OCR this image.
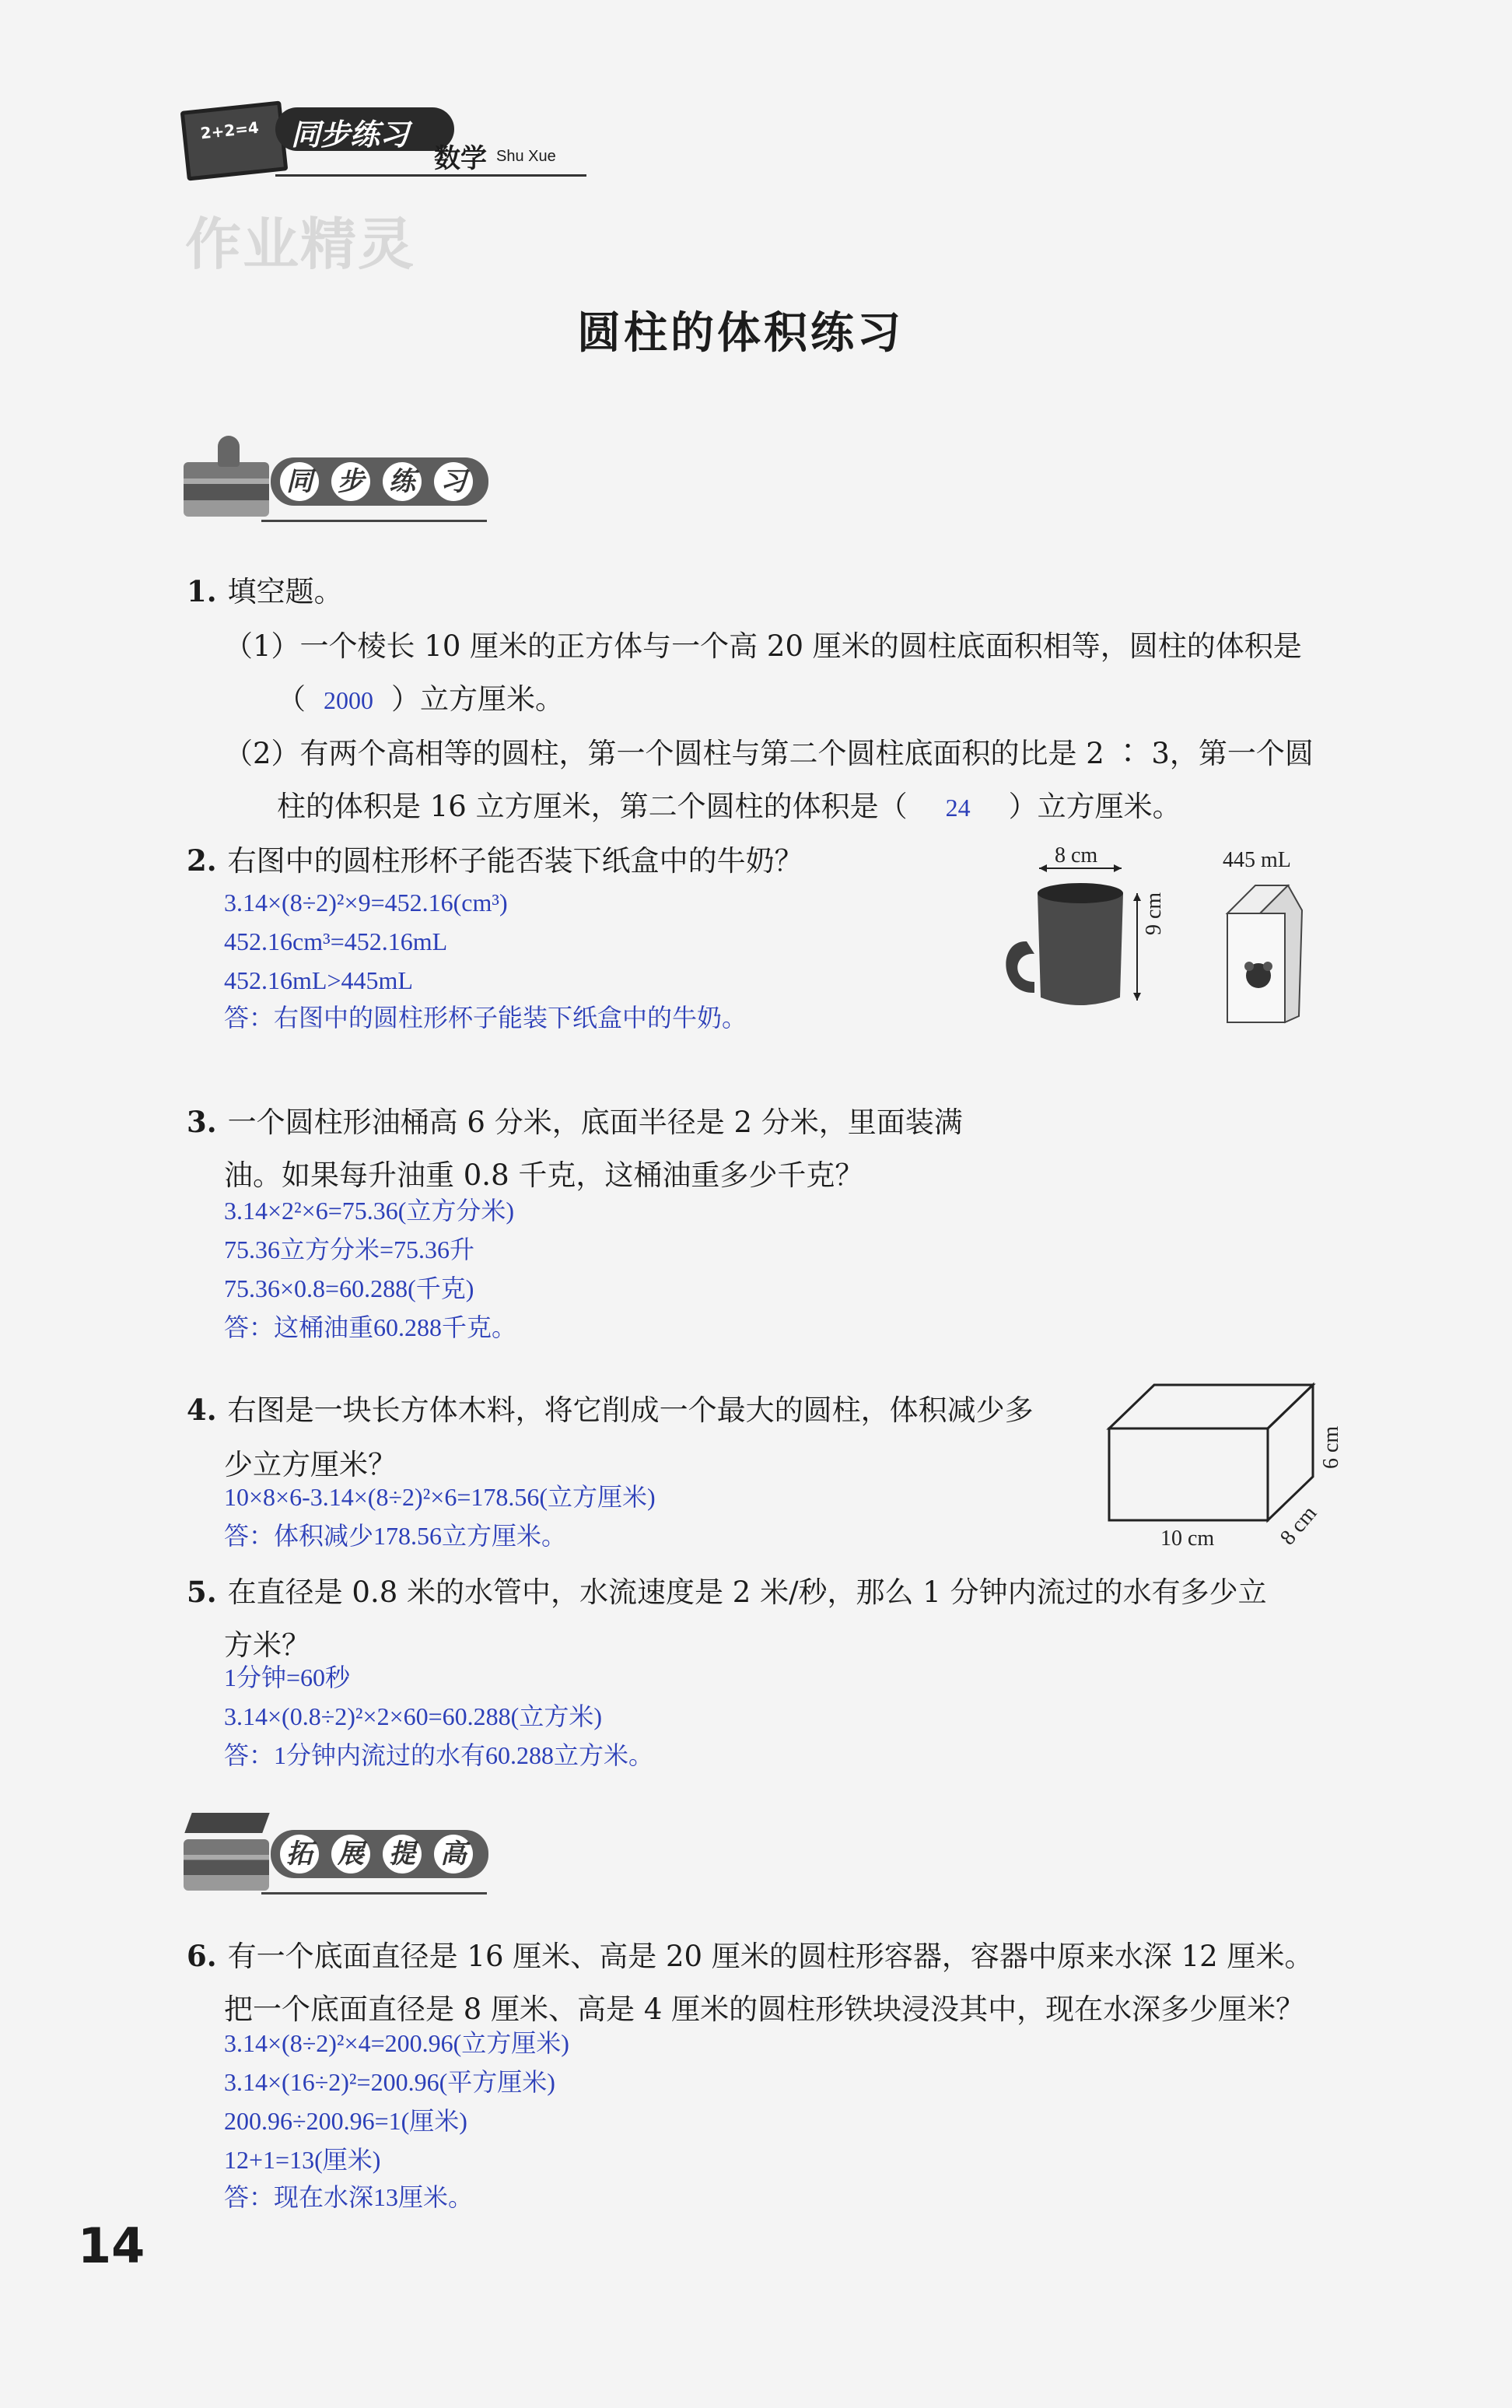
2+2=4 同步练习
数学 Shu Xue
作业精灵
圆柱的体积练习
同 步 练 习
1. 填空题。
（1）一个棱长 10 厘米的正方体与一个高 20 厘米的圆柱底面积相等，圆柱的体积是
（ 2000 ）立方厘米。
（2）有两个高相等的圆柱，第一个圆柱与第二个圆柱底面积的比是 2 ∶ 3，第一个圆
柱的体积是 16 立方厘米，第二个圆柱的体积是（ 24 ）立方厘米。
2. 右图中的圆柱形杯子能否装下纸盒中的牛奶？
3.14×(8÷2)²×9=452.16(cm³)
452.16cm³=452.16mL
452.16mL>445mL
答：右图中的圆柱形杯子能装下纸盒中的牛奶。
8 cm
9 cm
445 mL
3. 一个圆柱形油桶高 6 分米，底面半径是 2 分米，里面装满
油。如果每升油重 0.8 千克，这桶油重多少千克？
3.14×2²×6=75.36(立方分米)
75.36立方分米=75.36升
75.36×0.8=60.288(千克)
答：这桶油重60.288千克。
4. 右图是一块长方体木料，将它削成一个最大的圆柱，体积减少多
少立方厘米？
10×8×6-3.14×(8÷2)²×6=178.56(立方厘米)
答：体积减少178.56立方厘米。	10 cm	8 cm
6 cm
5. 在直径是 0.8 米的水管中，水流速度是 2 米/秒，那么 1 分钟内流过的水有多少立
方米？
1分钟=60秒
3.14×(0.8÷2)²×2×60=60.288(立方米)
答：1分钟内流过的水有60.288立方米。
拓 展 提 高
6. 有一个底面直径是 16 厘米、高是 20 厘米的圆柱形容器，容器中原来水深 12 厘米。
把一个底面直径是 8 厘米、高是 4 厘米的圆柱形铁块浸没其中，现在水深多少厘米？
3.14×(8÷2)²×4=200.96(立方厘米)
3.14×(16÷2)²=200.96(平方厘米)
200.96÷200.96=1(厘米)
12+1=13(厘米)
答：现在水深13厘米。
14
